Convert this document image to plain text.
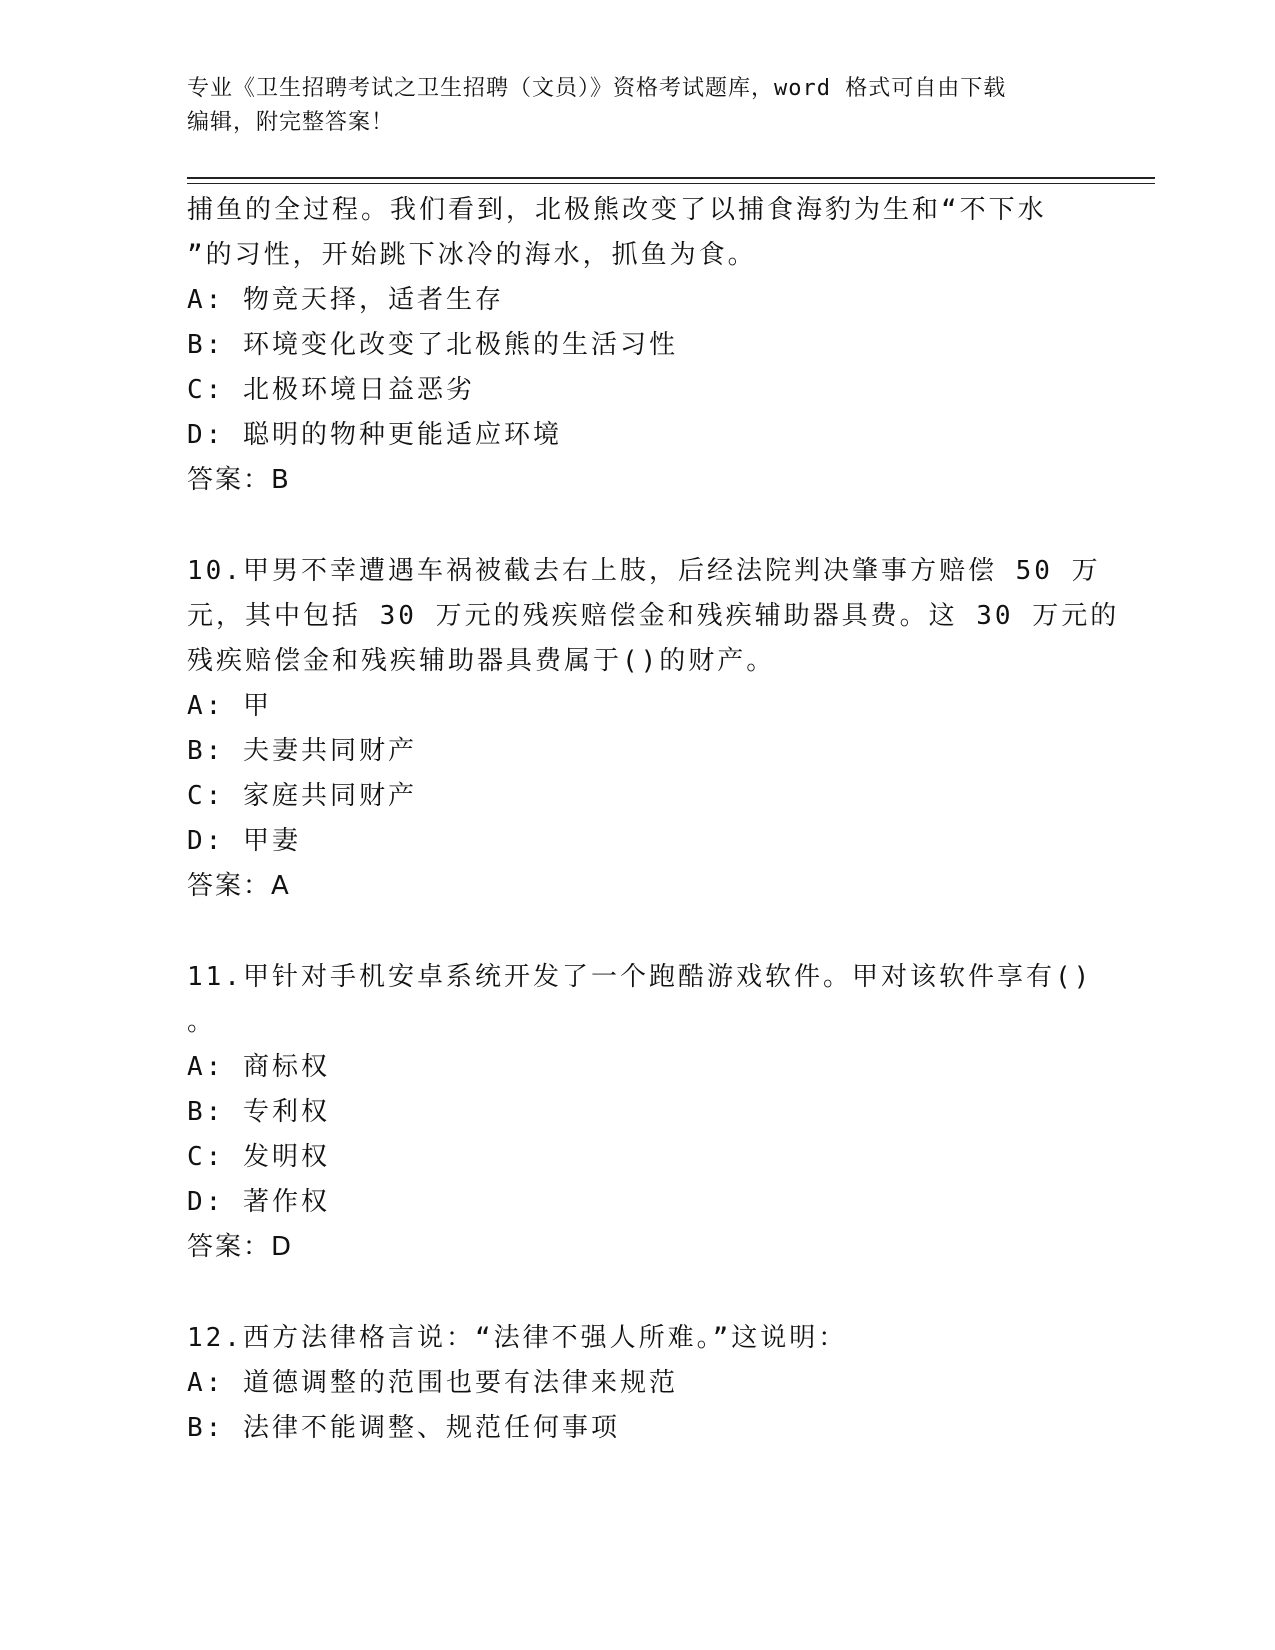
专业《卫生招聘考试之卫生招聘（文员）》资格考试题库，word 格式可自由下载
编辑，附完整答案！
捕鱼的全过程。我们看到，北极熊改变了以捕食海豹为生和“不下水
”的习性，开始跳下冰冷的海水，抓鱼为食。
A: 物竞天择，适者生存
B: 环境变化改变了北极熊的生活习性
C: 北极环境日益恶劣
D: 聪明的物种更能适应环境
答案：B
10.甲男不幸遭遇车祸被截去右上肢，后经法院判决肇事方赔偿 50 万
元，其中包括 30 万元的残疾赔偿金和残疾辅助器具费。这 30 万元的
残疾赔偿金和残疾辅助器具费属于()的财产。
A: 甲
B: 夫妻共同财产
C: 家庭共同财产
D: 甲妻
答案：A
11.甲针对手机安卓系统开发了一个跑酷游戏软件。甲对该软件享有()
。
A: 商标权
B: 专利权
C: 发明权
D: 著作权
答案：D
12.西方法律格言说：“法律不强人所难。”这说明：
A: 道德调整的范围也要有法律来规范
B: 法律不能调整、规范任何事项
